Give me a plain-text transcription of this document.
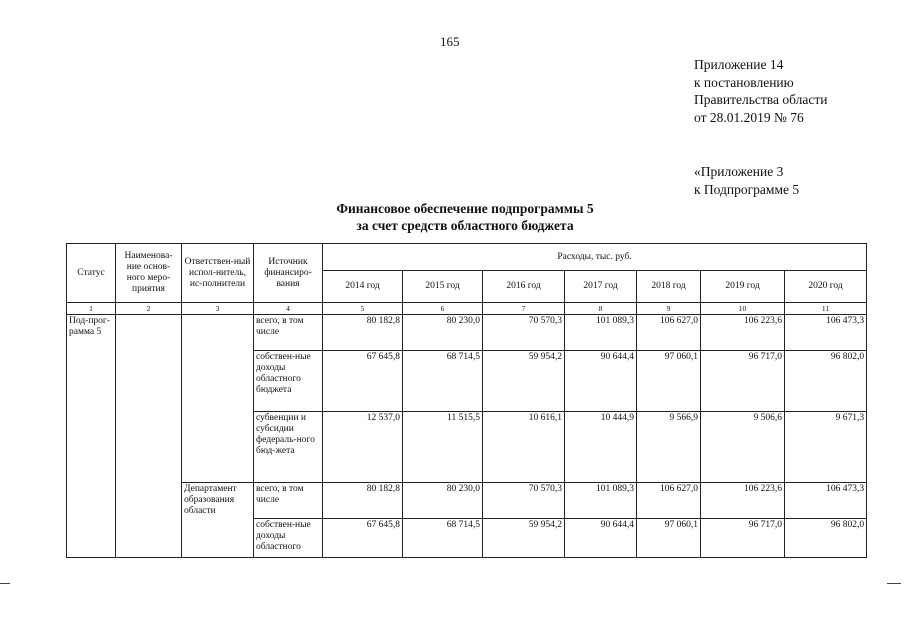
165
Приложение 14
к постановлению
Правительства области
от 28.01.2019 № 76
«Приложение 3
к Подпрограмме 5
Финансовое обеспечение подпрограммы 5
за счет средств областного бюджета
Статус	Наименова-ние основ-ного меро-приятия	Ответствен-ный испол-нитель, ис-полнители	Источник финансиро-вания	Расходы, тыс. руб.						
				2014 год	2015 год	2016 год	2017 год	2018 год	2019 год	2020 год
1	2	3	4	5	6	7	8	9	10	11
Под-прог-рамма 5			всего, в том числе	80 182,8	80 230,0	70 570,3	101 089,3	106 627,0	106 223,6	106 473,3
			собствен-ные доходы областного бюджета	67 645,8	68 714,5	59 954,2	90 644,4	97 060,1	96 717,0	96 802,0
			субвенции и субсидии федераль-ного бюд-жета	12 537,0	11 515,5	10 616,1	10 444,9	9 566,9	9 506,6	9 671,3
		Департамент образования области	всего, в том числе	80 182,8	80 230,0	70 570,3	101 089,3	106 627,0	106 223,6	106 473,3
			собствен-ные доходы областного	67 645,8	68 714,5	59 954,2	90 644,4	97 060,1	96 717,0	96 802,0
